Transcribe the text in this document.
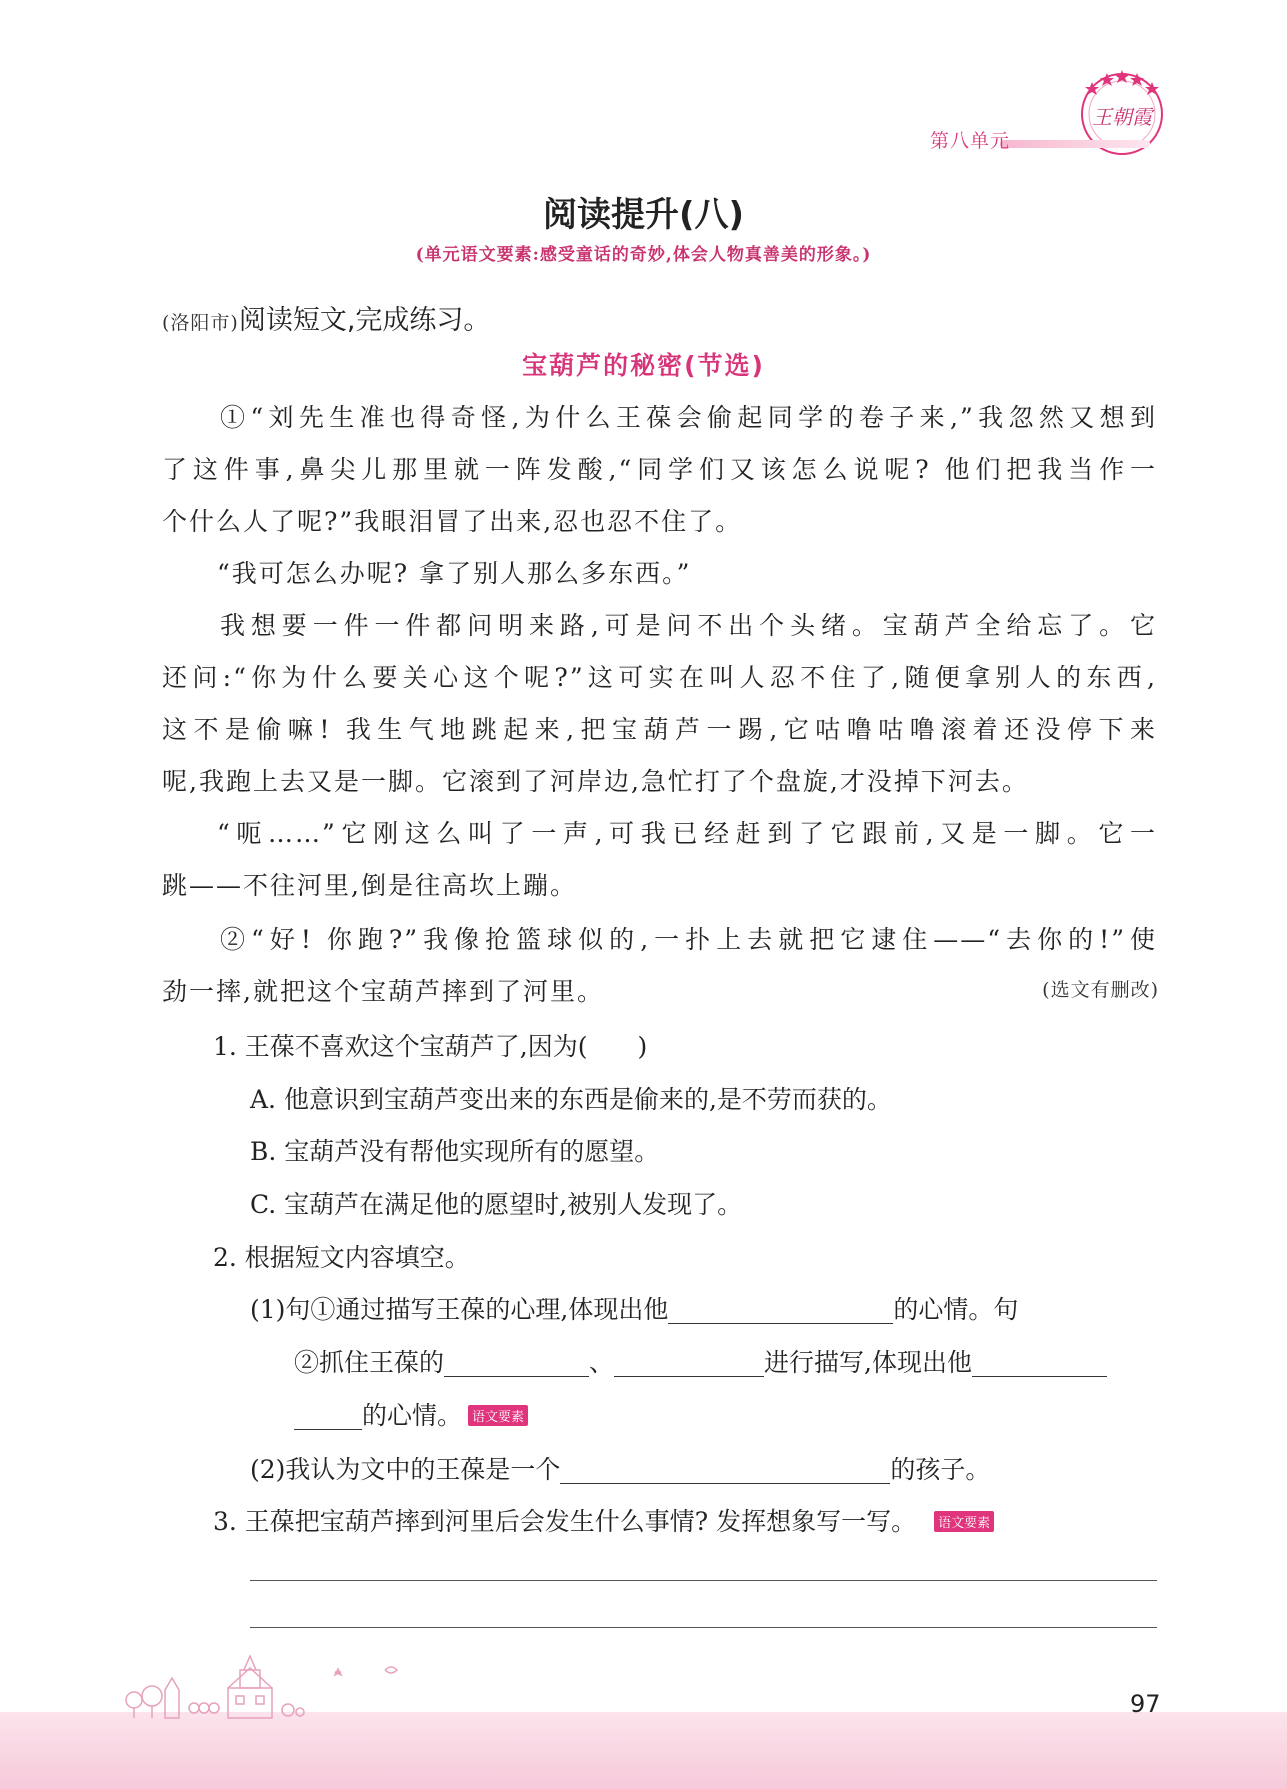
王朝霞
第八单元
阅读提升(八)
(单元语文要素:感受童话的奇妙,体会人物真善美的形象。)
(洛阳市)阅读短文,完成练习。
宝葫芦的秘密(节选)
①“刘先生准也得奇怪,为什么王葆会偷起同学的卷子来,”我忽然又想到
了这件事,鼻尖儿那里就一阵发酸,“同学们又该怎么说呢? 他们把我当作一
个什么人了呢?”我眼泪冒了出来,忍也忍不住了。
“我可怎么办呢? 拿了别人那么多东西。”
我想要一件一件都问明来路,可是问不出个头绪。宝葫芦全给忘了。它
还问:“你为什么要关心这个呢?”这可实在叫人忍不住了,随便拿别人的东西,
这不是偷嘛! 我生气地跳起来,把宝葫芦一踢,它咕噜咕噜滚着还没停下来
呢,我跑上去又是一脚。它滚到了河岸边,急忙打了个盘旋,才没掉下河去。
“呃……”它刚这么叫了一声,可我已经赶到了它跟前,又是一脚。它一
跳——不往河里,倒是往高坎上蹦。
②“好! 你跑?”我像抢篮球似的,一扑上去就把它逮住——“去你的!”使
劲一摔,就把这个宝葫芦摔到了河里。	(选文有删改)
1. 王葆不喜欢这个宝葫芦了,因为( )
A. 他意识到宝葫芦变出来的东西是偷来的,是不劳而获的。
B. 宝葫芦没有帮他实现所有的愿望。
C. 宝葫芦在满足他的愿望时,被别人发现了。
2. 根据短文内容填空。
(1)句①通过描写王葆的心理,体现出他	的心情。句
②抓住王葆的	、	进行描写,体现出他
的心情。 语文要素
(2)我认为文中的王葆是一个	的孩子。
3. 王葆把宝葫芦摔到河里后会发生什么事情? 发挥想象写一写。 语文要素
97
